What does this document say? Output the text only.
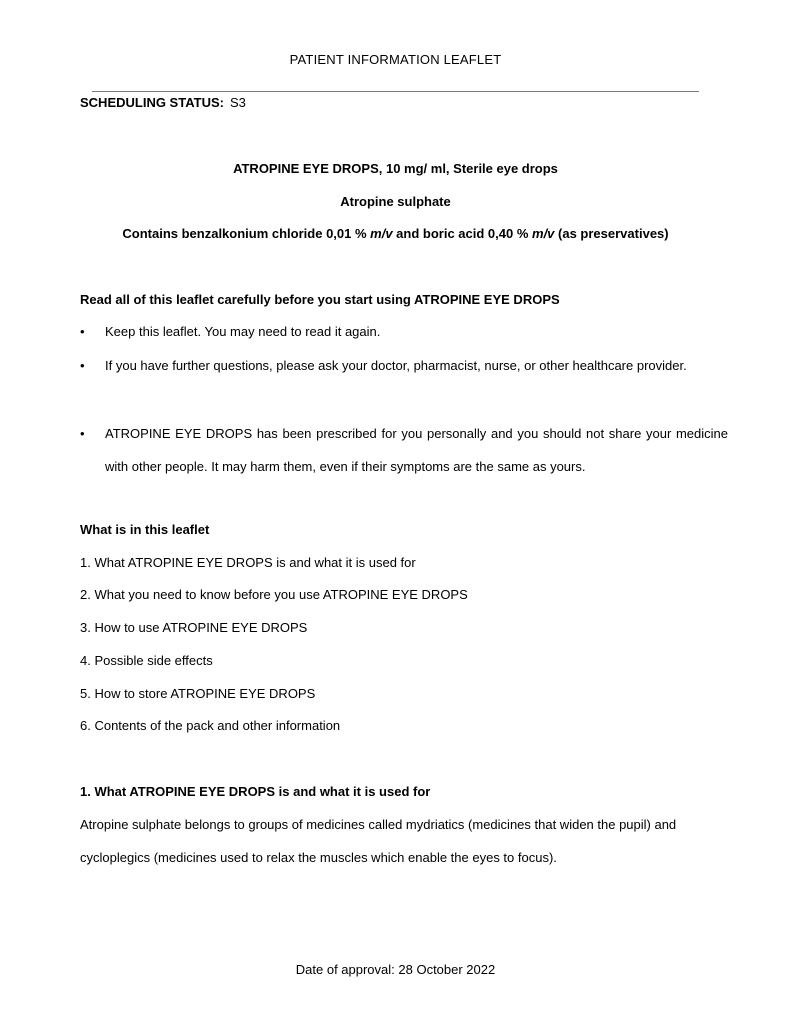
PATIENT INFORMATION LEAFLET
SCHEDULING STATUS: S3
ATROPINE EYE DROPS, 10 mg/ ml, Sterile eye drops
Atropine sulphate
Contains benzalkonium chloride 0,01 % m/v and boric acid 0,40 % m/v (as preservatives)
Read all of this leaflet carefully before you start using ATROPINE EYE DROPS
• Keep this leaflet. You may need to read it again.
• If you have further questions, please ask your doctor, pharmacist, nurse, or other healthcare provider.
• ATROPINE EYE DROPS has been prescribed for you personally and you should not share your medicine with other people. It may harm them, even if their symptoms are the same as yours.
What is in this leaflet
1. What ATROPINE EYE DROPS is and what it is used for
2. What you need to know before you use ATROPINE EYE DROPS
3. How to use ATROPINE EYE DROPS
4. Possible side effects
5. How to store ATROPINE EYE DROPS
6. Contents of the pack and other information
1. What ATROPINE EYE DROPS is and what it is used for
Atropine sulphate belongs to groups of medicines called mydriatics (medicines that widen the pupil) and
cycloplegics (medicines used to relax the muscles which enable the eyes to focus).
Date of approval: 28 October 2022
